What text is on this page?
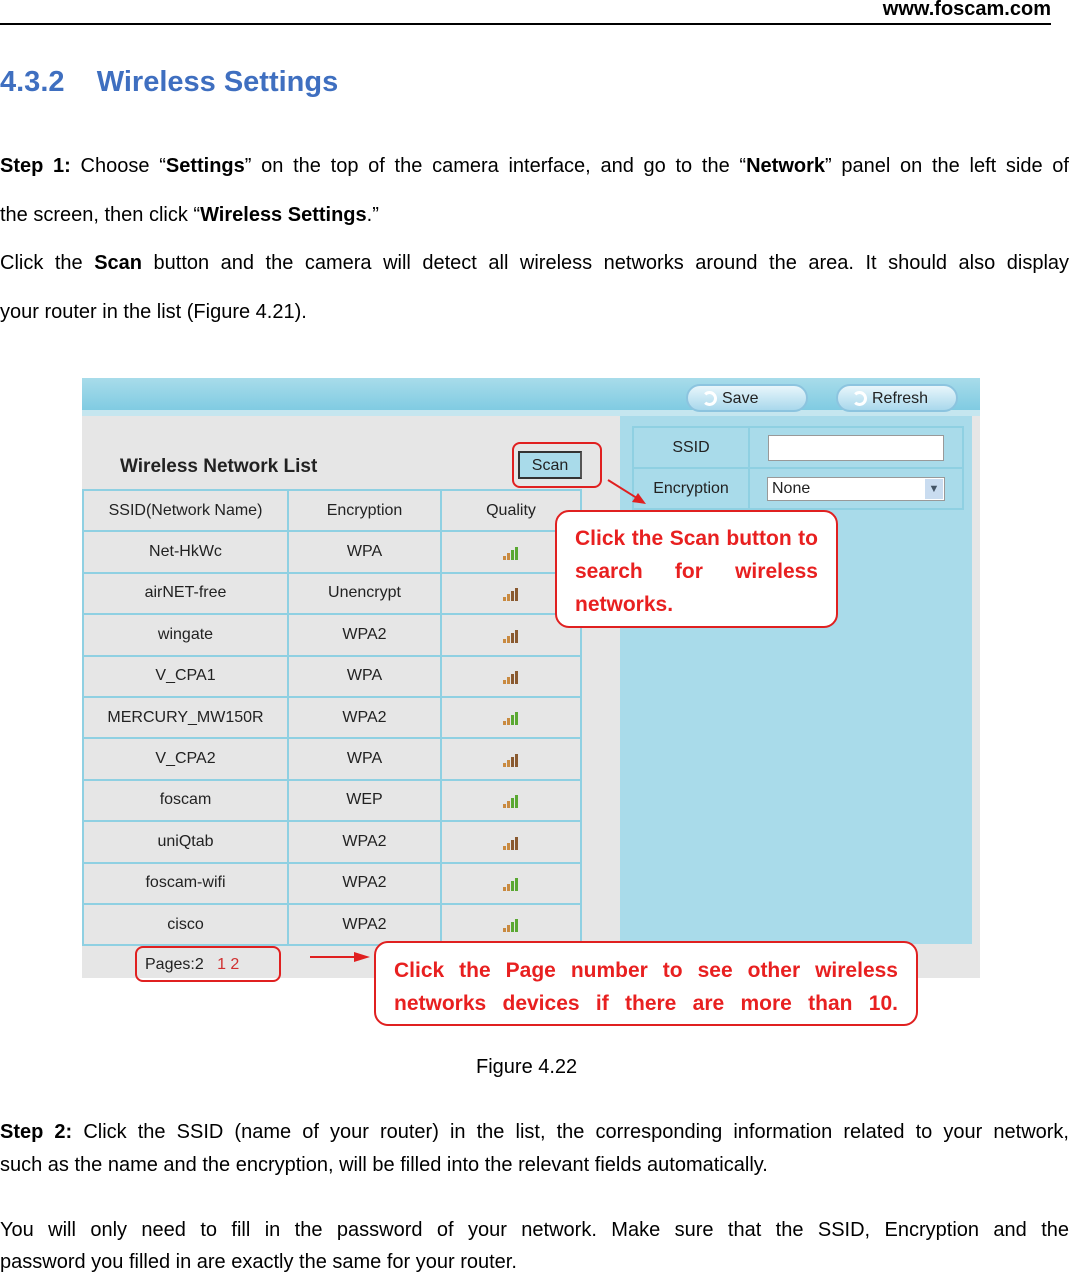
www.foscam.com
4.3.2    Wireless Settings
Step 1: Choose “Settings” on the top of the camera interface, and go to the “Network” panel on the left side of
the screen, then click “Wireless Settings.”
Click the Scan button and the camera will detect all wireless networks around the area. It should also display
your router in the list (Figure 4.21).
Save	Refresh
Wireless Network List	Scan
SSID(Network Name)	Encryption	Quality
Net-HkWc	WPA	

airNET-free	Unencrypt	

wingate	WPA2	

V_CPA1	WPA	

MERCURY_MW150R	WPA2	

V_CPA2	WPA	

foscam	WEP	

uniQtab	WPA2	

foscam-wifi	WPA2	

cisco	WPA2	
SSID	

Encryption	None ▼
Pages:2 1 2
Click the Scan button to search for wireless networks.
Click the Page number to see other wireless networks devices if there are more than 10.
Figure 4.22
Step 2: Click the SSID (name of your router) in the list, the corresponding information related to your network,
such as the name and the encryption, will be filled into the relevant fields automatically.
You will only need to fill in the password of your network. Make sure that the SSID, Encryption and the
password you filled in are exactly the same for your router.
